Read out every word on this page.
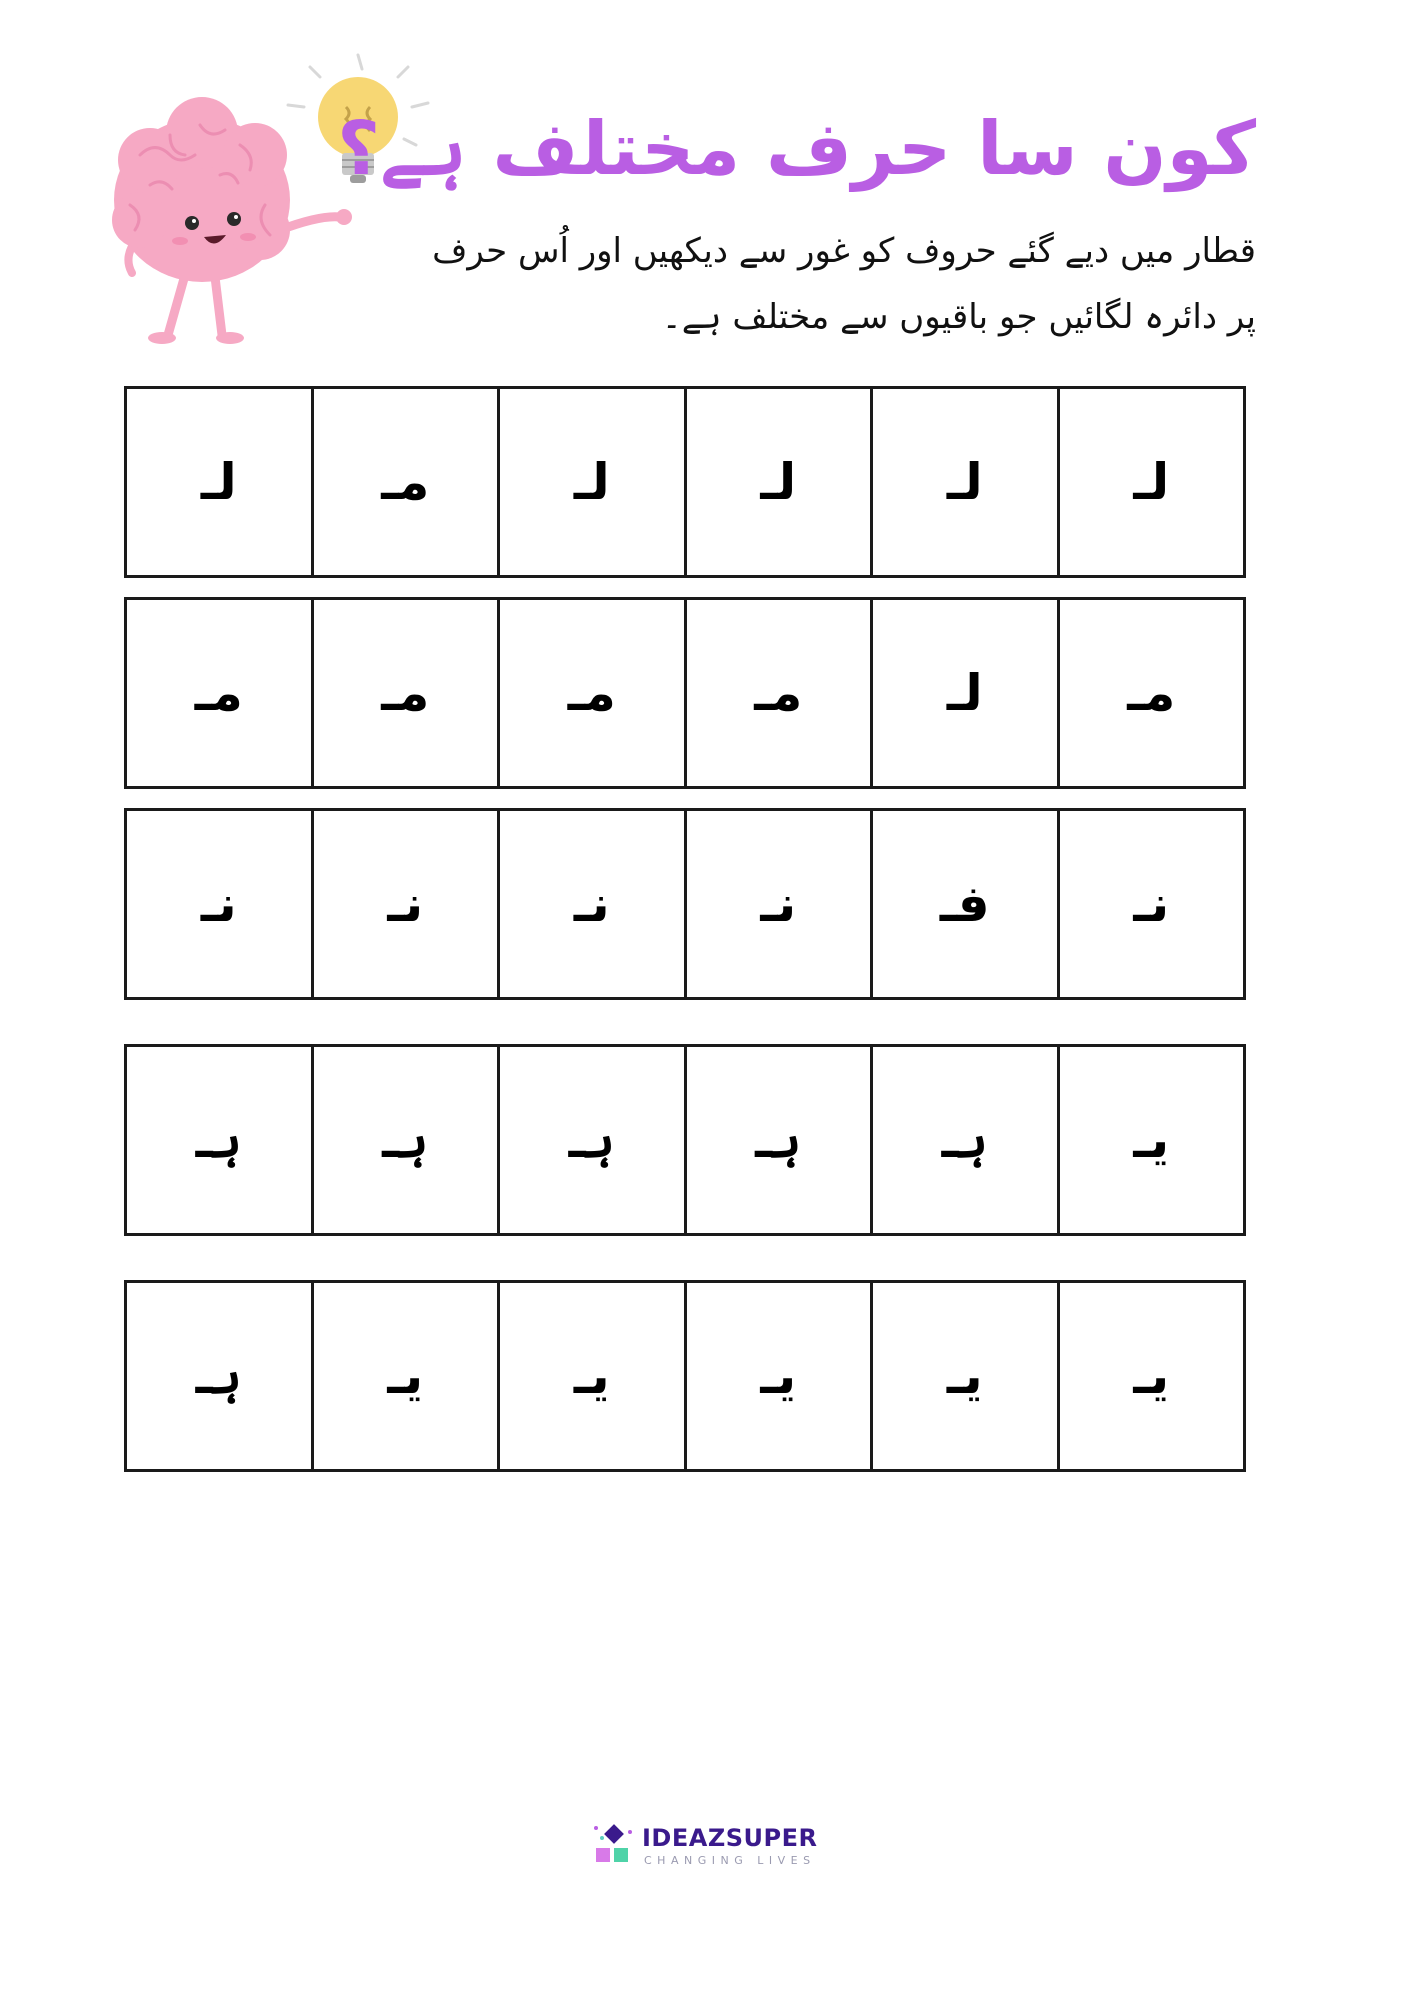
کون سا حرف مختلف ہے؟
قطار میں دیے گئے حروف کو غور سے دیکھیں اور اُس حرف
پر دائرہ لگائیں جو باقیوں سے مختلف ہے۔
لـ
لـ
لـ
لـ
مـ
لـ
مـ
لـ
مـ
مـ
مـ
مـ
نـ
فـ
نـ
نـ
نـ
نـ
یـ
ہـ
ہـ
ہـ
ہـ
ہـ
یـ
یـ
یـ
یـ
یـ
ہـ
IDEAZSUPER
CHANGING LIVES
